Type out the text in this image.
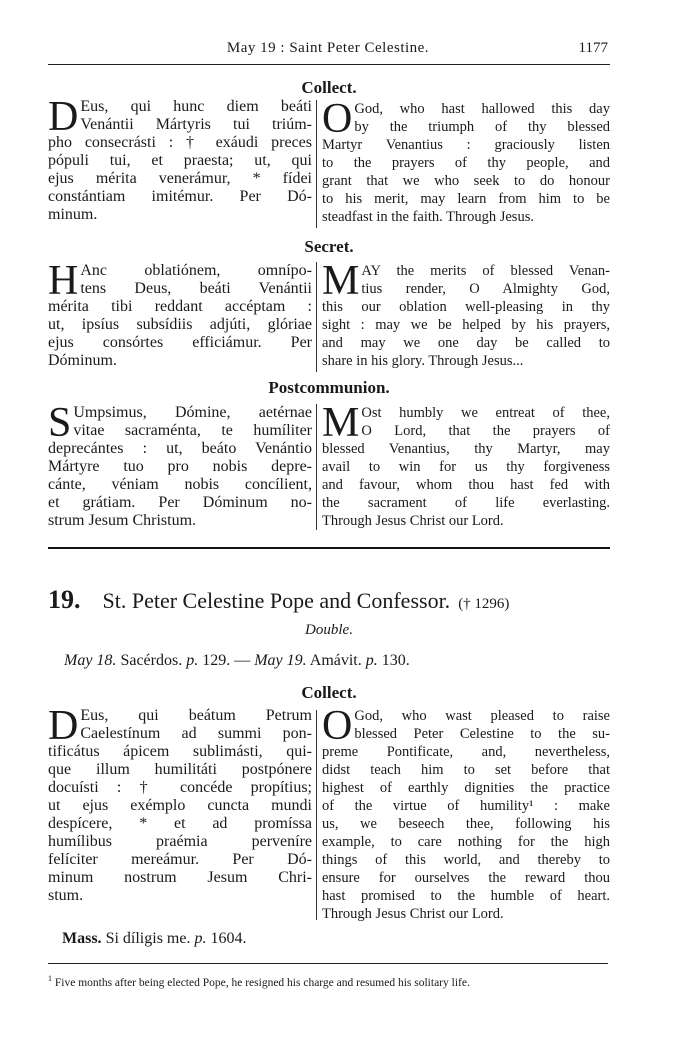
May 19 : Saint Peter Celestine.	1177
Collect.
D Eus, qui hunc diem beáti
Venántii Mártyris tui triúm-
pho consecrásti : † exáudi preces
pópuli tui, et praesta; ut, qui
ejus mérita venerámur, * fídei
constántiam imitémur. Per Dó-
minum.
O God, who hast hallowed this day
by the triumph of thy blessed
Martyr Venantius : graciously listen
to the prayers of thy people, and
grant that we who seek to do honour
to his merit, may learn from him to be
steadfast in the faith. Through Jesus.
Secret.
H Anc oblatiónem, omnípo-
tens Deus, beáti Venántii
mérita tibi reddant accéptam :
ut, ipsíus subsídiis adjúti, glóriae
ejus consórtes efficiámur. Per
Dóminum.
M AY the merits of blessed Venan-
tius render, O Almighty God,
this our oblation well-pleasing in thy
sight : may we be helped by his prayers,
and may we one day be called to
share in his glory. Through Jesus...
Postcommunion.
S Umpsimus, Dómine, aetérnae
vitae sacraménta, te humíliter
deprecántes : ut, beáto Venántio
Mártyre tuo pro nobis depre-
cánte, véniam nobis concílient,
et grátiam. Per Dóminum no-
strum Jesum Christum.
M Ost humbly we entreat of thee,
O Lord, that the prayers of
blessed Venantius, thy Martyr, may
avail to win for us thy forgiveness
and favour, whom thou hast fed with
the sacrament of life everlasting.
Through Jesus Christ our Lord.
19. St. Peter Celestine Pope and Confessor. († 1296)
Double.
May 18. Sacérdos. p. 129. — May 19. Amávit. p. 130.
Collect.
D Eus, qui beátum Petrum
Caelestínum ad summi pon-
tificátus ápicem sublimásti, qui-
que illum humilitáti postpónere
docuísti : † concéde propítius;
ut ejus exémplo cuncta mundi
despícere, * et ad promíssa
humílibus praémia perveníre
felíciter mereámur. Per Dó-
minum nostrum Jesum Chri-
stum.
O God, who wast pleased to raise
blessed Peter Celestine to the su-
preme Pontificate, and, nevertheless,
didst teach him to set before that
highest of earthly dignities the practice
of the virtue of humility¹ : make
us, we beseech thee, following his
example, to care nothing for the high
things of this world, and thereby to
ensure for ourselves the reward thou
hast promised to the humble of heart.
Through Jesus Christ our Lord.
Mass. Si díligis me. p. 1604.
$^1$ Five months after being elected Pope, he resigned his charge and resumed his solitary life.
